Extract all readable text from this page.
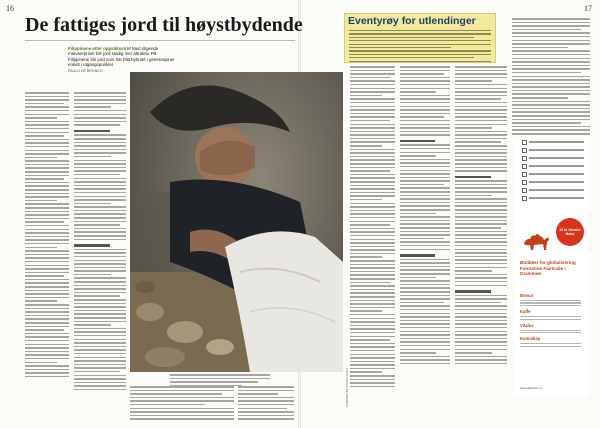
16	17
De fattiges jord til høystbydende
Filippinene etter oppsiktsstrid Med stigende matvarepriser blir jord stadig mer attraktiv. På Filippinene blir jord som har blitt bybrukt i generasjoner enkelt i utgangspunktet
PAULO DE BRONCO
FOTO: PAULO DE BRONCO
Eventyrøy for utlendinger
10 år Greater Boko
Butikker for globalisering Fairnation Fairtrade i Drammen
Brexur
Kaffe
Vitaluv
Kunnskap
www.tillgoder.no
